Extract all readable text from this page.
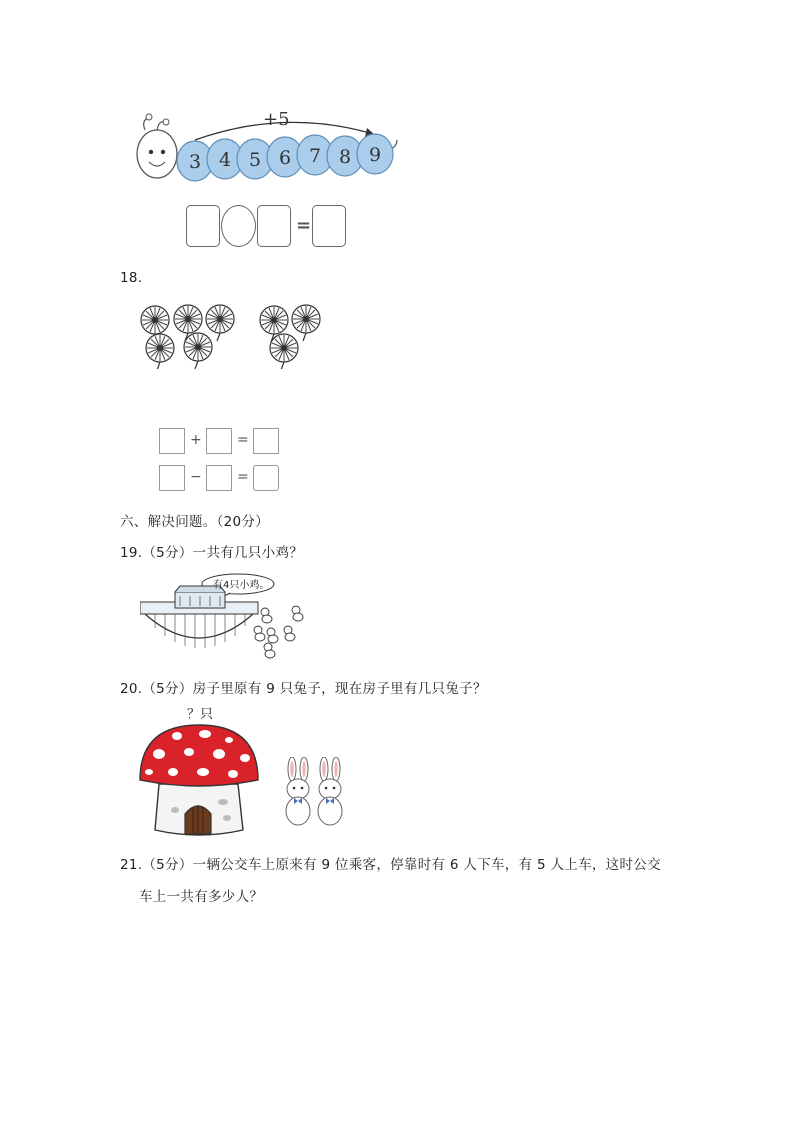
+5
3 4 5 6 7 8 9
=
18.
+	=
−	=
六、解决问题。（20分）
19.（5分）一共有几只小鸡？
有4只小鸡。
20.（5分）房子里原有 9 只兔子，现在房子里有几只兔子？
？只
21.（5分）一辆公交车上原来有 9 位乘客，停靠时有 6 人下车，有 5 人上车，这时公交
车上一共有多少人？
